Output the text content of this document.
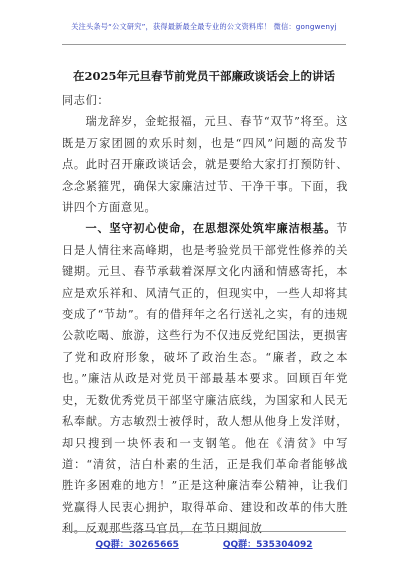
关注头条号“公文研究”，获得最新最全最专业的公文资料库！ 微信：gongwenyj
在2025年元旦春节前党员干部廉政谈话会上的讲话

同志们：

瑞龙辞岁，金蛇报福，元旦、春节“双节”将至。这既是万家团圆的欢乐时刻，也是“四风”问题的高发节点。此时召开廉政谈话会，就是要给大家打打预防针、念念紧箍咒，确保大家廉洁过节、干净干事。下面，我讲四个方面意见。

一、坚守初心使命，在思想深处筑牢廉洁根基。节日是人情往来高峰期，也是考验党员干部党性修养的关键期。元旦、春节承载着深厚文化内涵和情感寄托，本应是欢乐祥和、风清气正的，但现实中，一些人却将其变成了“节劫”。有的借拜年之名行送礼之实，有的违规公款吃喝、旅游，这些行为不仅违反党纪国法，更损害了党和政府形象，破坏了政治生态。“廉者，政之本也。”廉洁从政是对党员干部最基本要求。回顾百年党史，无数优秀党员干部坚守廉洁底线，为国家和人民无私奉献。方志敏烈士被俘时，敌人想从他身上发洋财，却只搜到一块怀表和一支钢笔。他在《清贫》中写道：“清贫，洁白朴素的生活，正是我们革命者能够战胜许多困难的地方！”正是这种廉洁奉公精神，让我们党赢得人民衷心拥护，取得革命、建设和改革的伟大胜利。反观那些落马官员，在节日期间放

QQ群：30265665	QQ群：535304092
